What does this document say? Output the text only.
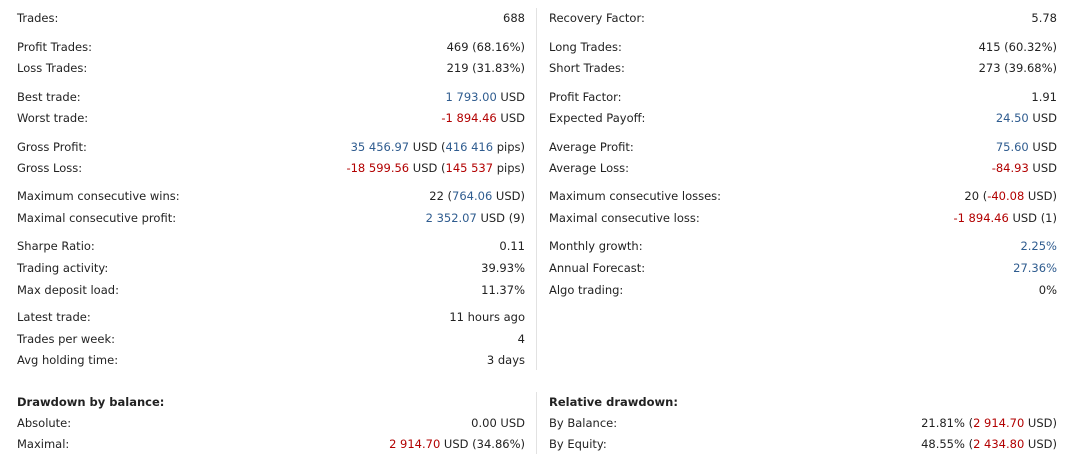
Trades:	688
Profit Trades:	469 (68.16%)
Loss Trades:	219 (31.83%)
Best trade:	1 793.00 USD
Worst trade:	-1 894.46 USD
Gross Profit:	35 456.97 USD (416 416 pips)
Gross Loss:	-18 599.56 USD (145 537 pips)
Maximum consecutive wins:	22 (764.06 USD)
Maximal consecutive profit:	2 352.07 USD (9)
Sharpe Ratio:	0.11
Trading activity:	39.93%
Max deposit load:	11.37%
Latest trade:	11 hours ago
Trades per week:	4
Avg holding time:	3 days
Drawdown by balance:
Absolute:	0.00 USD
Maximal:	2 914.70 USD (34.86%)
Recovery Factor:	5.78
Long Trades:	415 (60.32%)
Short Trades:	273 (39.68%)
Profit Factor:	1.91
Expected Payoff:	24.50 USD
Average Profit:	75.60 USD
Average Loss:	-84.93 USD
Maximum consecutive losses:	20 (-40.08 USD)
Maximal consecutive loss:	-1 894.46 USD (1)
Monthly growth:	2.25%
Annual Forecast:	27.36%
Algo trading:	0%
Relative drawdown:
By Balance:	21.81% (2 914.70 USD)
By Equity:	48.55% (2 434.80 USD)
